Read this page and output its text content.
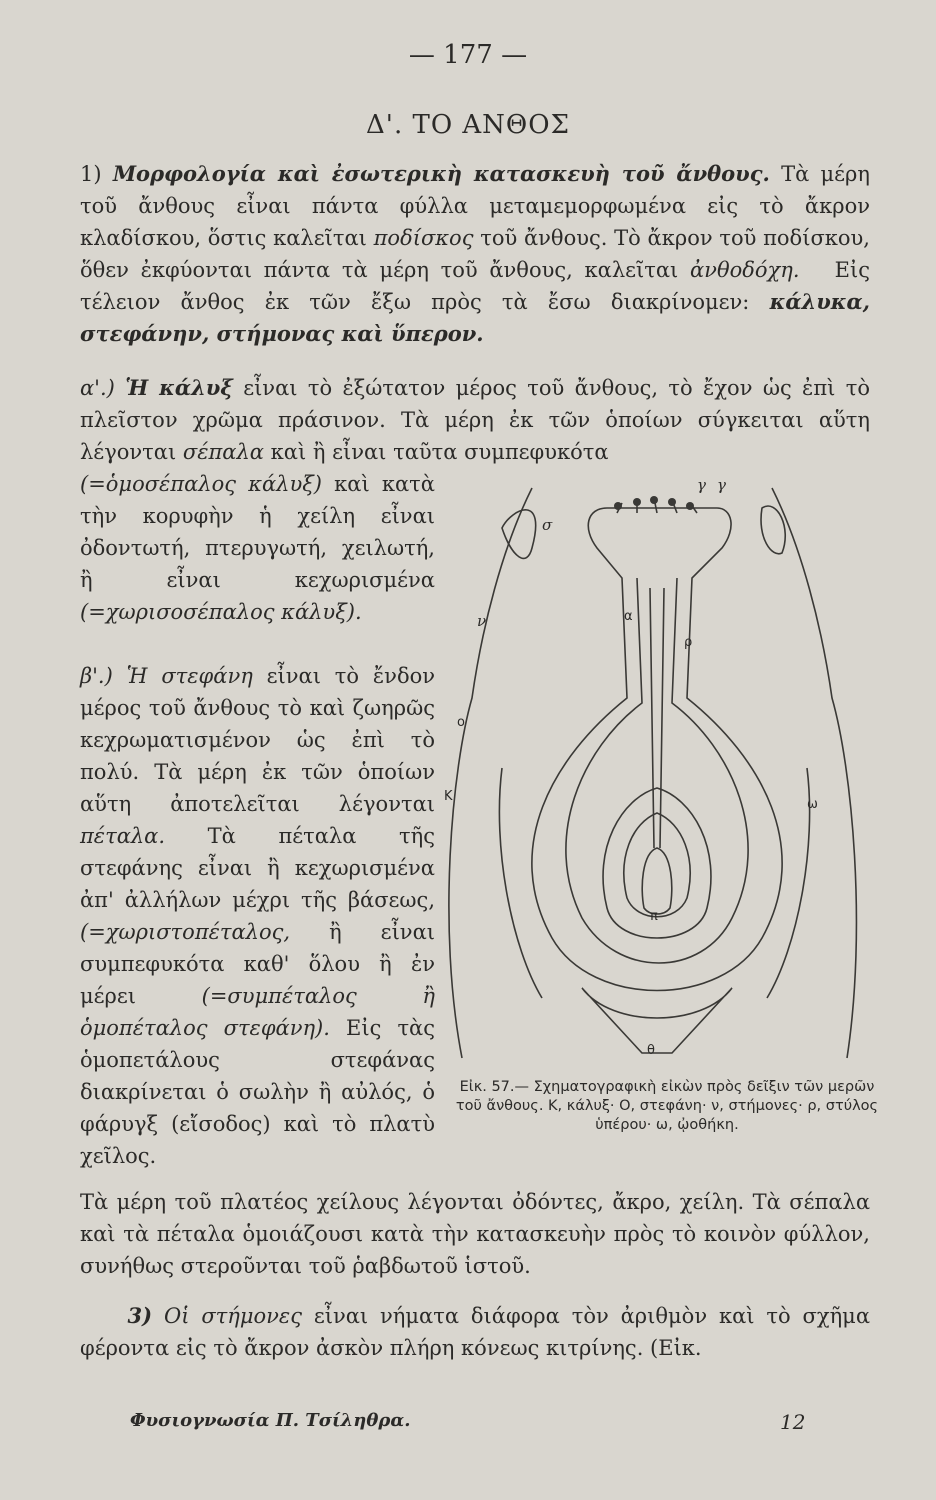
— 177 —
Δ'. ΤΟ ΑΝΘΟΣ

1) Μορφολογία καὶ ἐσωτερικὴ κατασκευὴ τοῦ ἄνθους. Τὰ μέρη τοῦ ἄνθους εἶναι πάντα φύλλα μεταμεμορφωμένα εἰς τὸ ἄκρον κλαδίσκου, ὅστις καλεῖται ποδίσκος τοῦ ἄνθους. Τὸ ἄκρον τοῦ ποδίσκου, ὅθεν ἐκφύονται πάντα τὰ μέρη τοῦ ἄνθους, καλεῖται ἀνθοδόχη. Εἰς τέλειον ἄνθος ἐκ τῶν ἔξω πρὸς τὰ ἔσω διακρίνομεν: κάλυκα, στεφάνην, στήμονας καὶ ὕπερον.

α'.) Ἡ κάλυξ εἶναι τὸ ἐξώτατον μέρος τοῦ ἄνθους, τὸ ἔχον ὡς ἐπὶ τὸ πλεῖστον χρῶμα πράσινον. Τὰ μέρη ἐκ τῶν ὁποίων σύγκειται αὕτη λέγονται σέπαλα καὶ ἢ εἶναι ταῦτα συμπεφυκότα

(=ὁμοσέπαλος κάλυξ) καὶ κατὰ τὴν κορυφὴν ἡ χείλη εἶναι ὀδοντωτή, πτερυγωτή, χειλωτή, ἢ εἶναι κεχωρισμένα (=χωρισοσέπαλος κάλυξ).

β'.) Ἡ στεφάνη εἶναι τὸ ἔνδον μέρος τοῦ ἄνθους τὸ καὶ ζωηρῶς κεχρωματισμένον ὡς ἐπὶ τὸ πολύ. Τὰ μέρη ἐκ τῶν ὁποίων αὕτη ἀποτελεῖται λέγονται πέταλα. Τὰ πέταλα τῆς στεφάνης εἶναι ἢ κεχωρισμένα ἀπ' ἀλλήλων μέχρι τῆς βάσεως, (=χωριστοπέταλος, ἢ εἶναι συμπεφυκότα καθ' ὅλου ἢ ἐν μέρει	(=συμπέταλος ἢ ὁμοπέταλος στεφάνη). Εἰς τὰς ὁμοπετάλους στεφάνας διακρίνεται ὁ σωλὴν ἢ αὐλός, ὁ φάρυγξ (εἴσοδος) καὶ τὸ πλατὺ χεῖλος.

σ
γ γ
ν	α
ρ
ο
Κ
ω
π
θ
Εἰκ. 57.— Σχηματογραφικὴ εἰκὼν πρὸς δεῖξιν τῶν μερῶν τοῦ ἄνθους. Κ, κάλυξ· Ο, στεφάνη· ν, στήμονες· ρ, στύλος ὑπέρου· ω, ᾠοθήκη.

Τὰ μέρη τοῦ πλατέος χείλους λέγονται ὀδόντες, ἄκρο, χείλη. Τὰ σέπαλα καὶ τὰ πέταλα ὁμοιάζουσι κατὰ τὴν κατασκευὴν πρὸς τὸ κοινὸν φύλλον, συνήθως στεροῦνται τοῦ ῥαβδωτοῦ ἱστοῦ.

3) Οἱ στήμονες εἶναι νήματα διάφορα τὸν ἀριθμὸν καὶ τὸ σχῆμα φέροντα εἰς τὸ ἄκρον ἀσκὸν πλήρη κόνεως κιτρίνης. (Εἰκ.

Φυσιογνωσία Π. Τσίληθρα.	12
